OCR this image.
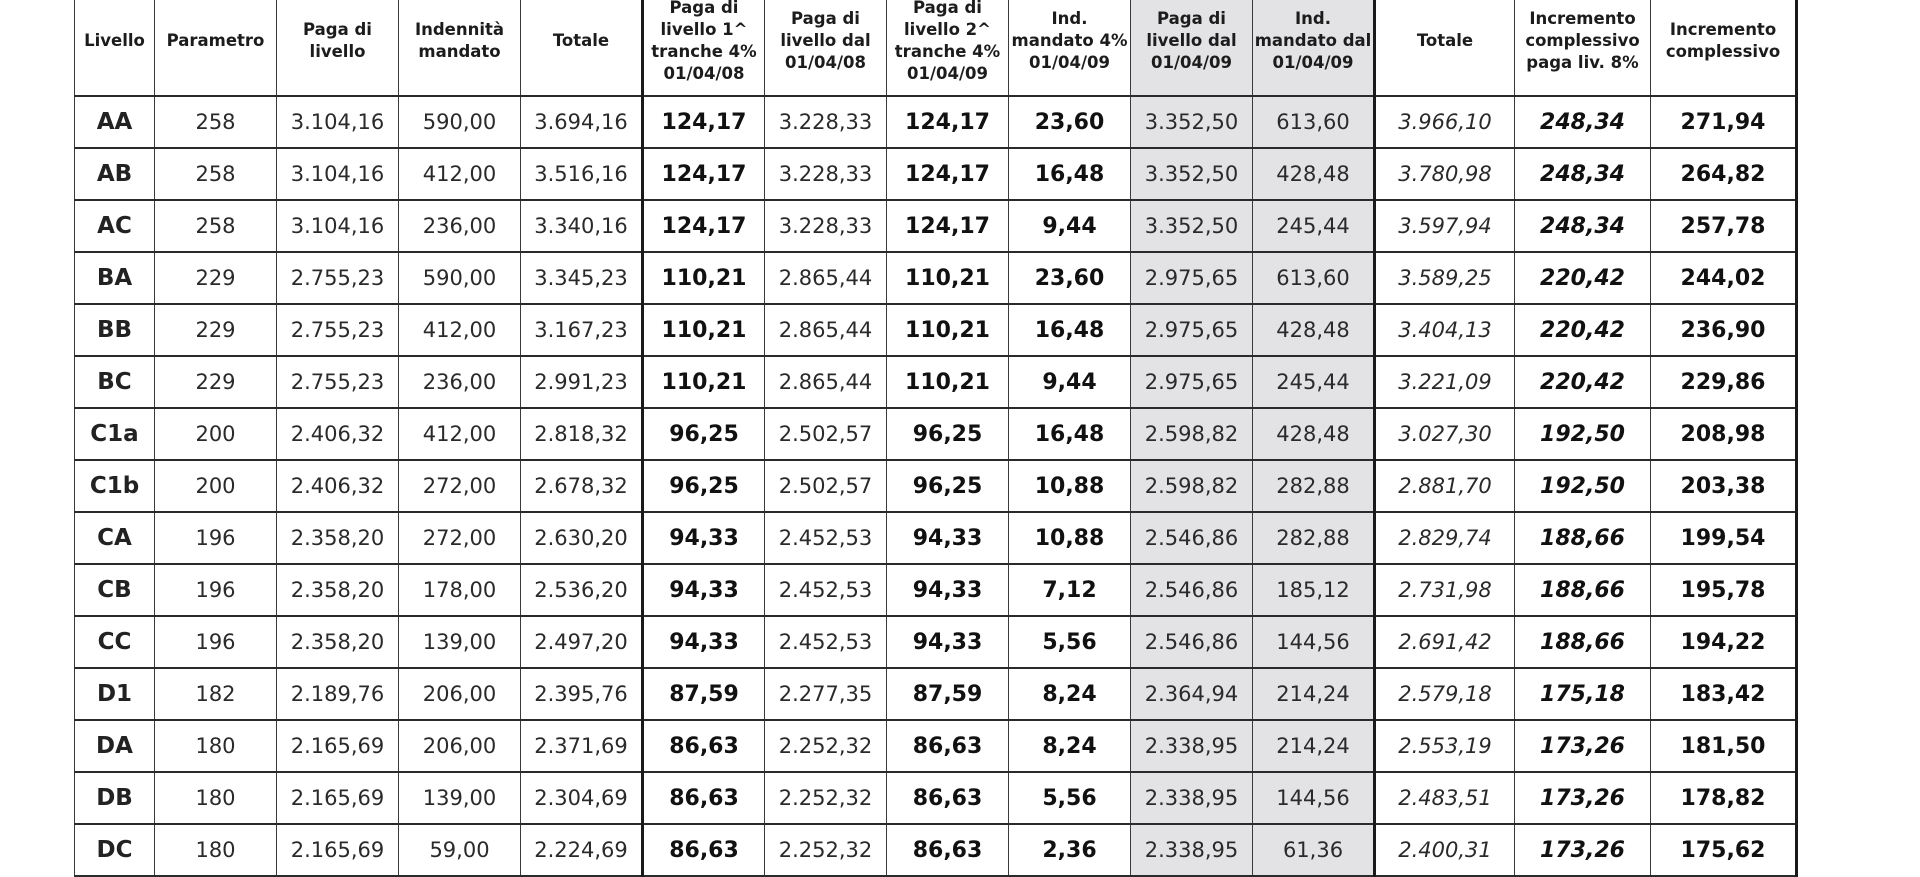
Livello	Parametro	Paga di livello	Indennità mandato	Totale	Paga di livello 1^ tranche 4% 01/04/08	Paga di livello dal 01/04/08	Paga di livello 2^ tranche 4% 01/04/09	Ind. mandato 4% 01/04/09	Paga di livello dal 01/04/09	Ind. mandato dal 01/04/09	Totale	Incremento complessivo paga liv. 8%	Incremento complessivo
AA	258	3.104,16	590,00	3.694,16	124,17	3.228,33	124,17	23,60	3.352,50	613,60	3.966,10	248,34	271,94
AB	258	3.104,16	412,00	3.516,16	124,17	3.228,33	124,17	16,48	3.352,50	428,48	3.780,98	248,34	264,82
AC	258	3.104,16	236,00	3.340,16	124,17	3.228,33	124,17	9,44	3.352,50	245,44	3.597,94	248,34	257,78
BA	229	2.755,23	590,00	3.345,23	110,21	2.865,44	110,21	23,60	2.975,65	613,60	3.589,25	220,42	244,02
BB	229	2.755,23	412,00	3.167,23	110,21	2.865,44	110,21	16,48	2.975,65	428,48	3.404,13	220,42	236,90
BC	229	2.755,23	236,00	2.991,23	110,21	2.865,44	110,21	9,44	2.975,65	245,44	3.221,09	220,42	229,86
C1a	200	2.406,32	412,00	2.818,32	96,25	2.502,57	96,25	16,48	2.598,82	428,48	3.027,30	192,50	208,98
C1b	200	2.406,32	272,00	2.678,32	96,25	2.502,57	96,25	10,88	2.598,82	282,88	2.881,70	192,50	203,38
CA	196	2.358,20	272,00	2.630,20	94,33	2.452,53	94,33	10,88	2.546,86	282,88	2.829,74	188,66	199,54
CB	196	2.358,20	178,00	2.536,20	94,33	2.452,53	94,33	7,12	2.546,86	185,12	2.731,98	188,66	195,78
CC	196	2.358,20	139,00	2.497,20	94,33	2.452,53	94,33	5,56	2.546,86	144,56	2.691,42	188,66	194,22
D1	182	2.189,76	206,00	2.395,76	87,59	2.277,35	87,59	8,24	2.364,94	214,24	2.579,18	175,18	183,42
DA	180	2.165,69	206,00	2.371,69	86,63	2.252,32	86,63	8,24	2.338,95	214,24	2.553,19	173,26	181,50
DB	180	2.165,69	139,00	2.304,69	86,63	2.252,32	86,63	5,56	2.338,95	144,56	2.483,51	173,26	178,82
DC	180	2.165,69	59,00	2.224,69	86,63	2.252,32	86,63	2,36	2.338,95	61,36	2.400,31	173,26	175,62
